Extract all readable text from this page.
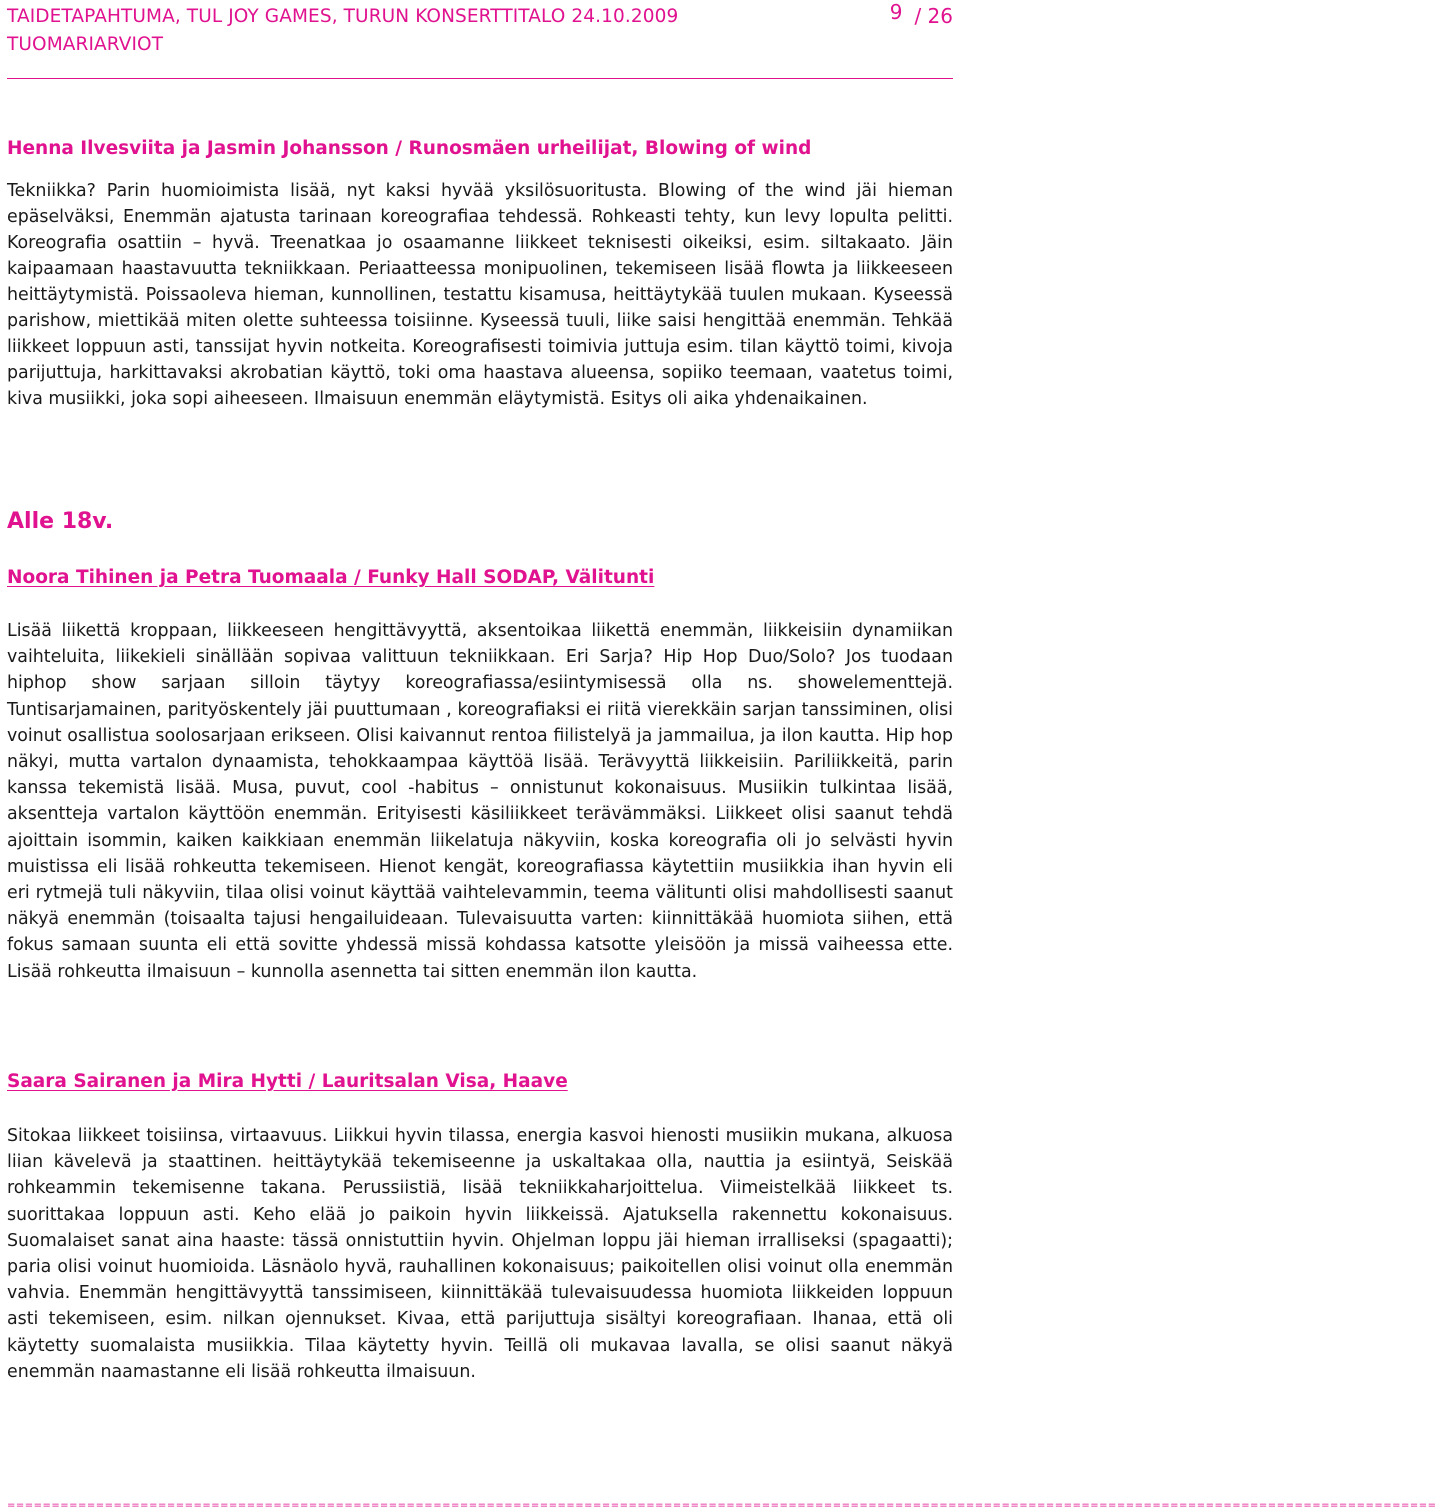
TAIDETAPAHTUMA, TUL JOY GAMES, TURUN KONSERTTITALO 24.10.2009
TUOMARIARVIOT
9 / 26
Henna Ilvesviita ja Jasmin Johansson / Runosmäen urheilijat, Blowing of wind

Tekniikka? Parin huomioimista lisää, nyt kaksi hyvää yksilösuoritusta. Blowing of the wind jäi hieman epäselväksi, Enemmän ajatusta tarinaan koreografiaa tehdessä. Rohkeasti tehty, kun levy lopulta pelitti. Koreografia osattiin – hyvä. Treenatkaa jo osaamanne liikkeet teknisesti oikeiksi, esim. siltakaato. Jäin kaipaamaan haastavuutta tekniikkaan. Periaatteessa monipuolinen, tekemiseen lisää flowta ja liikkeeseen heittäytymistä. Poissaoleva hieman, kunnollinen, testattu kisamusa, heittäytykää tuulen mukaan. Kyseessä parishow, miettikää miten olette suhteessa toisiinne. Kyseessä tuuli, liike saisi hengittää enemmän. Tehkää liikkeet loppuun asti, tanssijat hyvin notkeita. Koreografisesti toimivia juttuja esim. tilan käyttö toimi, kivoja parijuttuja, harkittavaksi akrobatian käyttö, toki oma haastava alueensa, sopiiko teemaan, vaatetus toimi, kiva musiikki, joka sopi aiheeseen. Ilmaisuun enemmän eläytymistä. Esitys oli aika yhdenaikainen.

Alle 18v.
Noora Tihinen ja Petra Tuomaala / Funky Hall SODAP, Välitunti

Lisää liikettä kroppaan, liikkeeseen hengittävyyttä, aksentoikaa liikettä enemmän, liikkeisiin dynamiikan vaihteluita, liikekieli sinällään sopivaa valittuun tekniikkaan. Eri Sarja? Hip Hop Duo/Solo? Jos tuodaan hiphop show sarjaan silloin täytyy koreografiassa/esiintymisessä olla ns. showelementtejä. Tuntisarjamainen, parityöskentely jäi puuttumaan , koreografiaksi ei riitä vierekkäin sarjan tanssiminen, olisi voinut osallistua soolosarjaan erikseen. Olisi kaivannut rentoa fiilistelyä ja jammailua, ja ilon kautta. Hip hop näkyi, mutta vartalon dynaamista, tehokkaampaa käyttöä lisää. Terävyyttä liikkeisiin. Pariliikkeitä, parin kanssa tekemistä lisää. Musa, puvut, cool -habitus – onnistunut kokonaisuus. Musiikin tulkintaa lisää, aksentteja vartalon käyttöön enemmän. Erityisesti käsiliikkeet terävämmäksi. Liikkeet olisi saanut tehdä ajoittain isommin, kaiken kaikkiaan enemmän liikelatuja näkyviin, koska koreografia oli jo selvästi hyvin muistissa eli lisää rohkeutta tekemiseen. Hienot kengät, koreografiassa käytettiin musiikkia ihan hyvin eli eri rytmejä tuli näkyviin, tilaa olisi voinut käyttää vaihtelevammin, teema välitunti olisi mahdollisesti saanut näkyä enemmän (toisaalta tajusi hengailuideaan. Tulevaisuutta varten: kiinnittäkää huomiota siihen, että fokus samaan suunta eli että sovitte yhdessä missä kohdassa katsotte yleisöön ja missä vaiheessa ette. Lisää rohkeutta ilmaisuun – kunnolla asennetta tai sitten enemmän ilon kautta.

Saara Sairanen ja Mira Hytti / Lauritsalan Visa, Haave

Sitokaa liikkeet toisiinsa, virtaavuus. Liikkui hyvin tilassa, energia kasvoi hienosti musiikin mukana, alkuosa liian kävelevä ja staattinen. heittäytykää tekemiseenne ja uskaltakaa olla, nauttia ja esiintyä, Seiskää rohkeammin tekemisenne takana. Perussiistiä, lisää tekniikkaharjoittelua. Viimeistelkää liikkeet ts. suorittakaa loppuun asti. Keho elää jo paikoin hyvin liikkeissä. Ajatuksella rakennettu kokonaisuus. Suomalaiset sanat aina haaste: tässä onnistuttiin hyvin. Ohjelman loppu jäi hieman irralliseksi (spagaatti); paria olisi voinut huomioida. Läsnäolo hyvä, rauhallinen kokonaisuus; paikoitellen olisi voinut olla enemmän vahvia. Enemmän hengittävyyttä tanssimiseen, kiinnittäkää tulevaisuudessa huomiota liikkeiden loppuun asti tekemiseen, esim. nilkan ojennukset. Kivaa, että parijuttuja sisältyi koreografiaan. Ihanaa, että oli käytetty suomalaista musiikkia. Tilaa käytetty hyvin. Teillä oli mukavaa lavalla, se olisi saanut näkyä enemmän naamastanne eli lisää rohkeutta ilmaisuun.

=================================================================================================================================================================
